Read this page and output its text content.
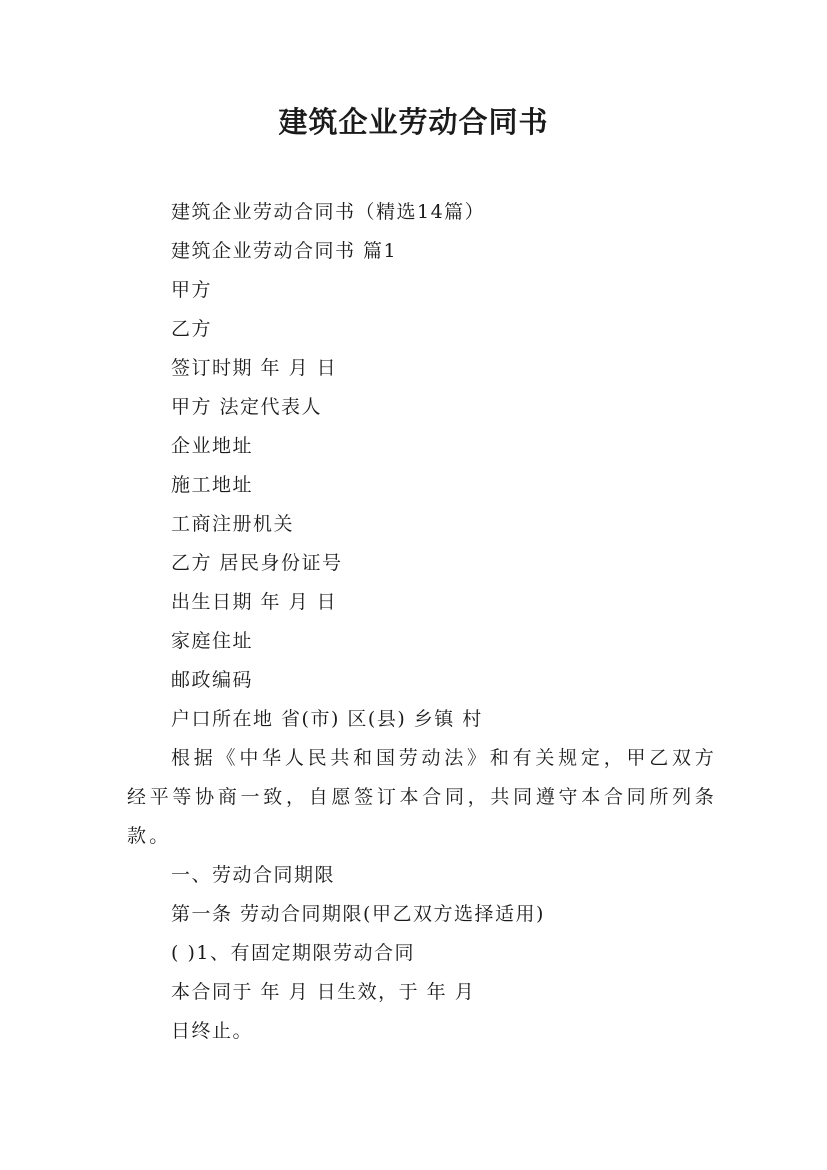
建筑企业劳动合同书

建筑企业劳动合同书（精选14篇）

建筑企业劳动合同书 篇1

甲方

乙方

签订时期 年 月 日

甲方 法定代表人

企业地址

施工地址

工商注册机关

乙方 居民身份证号

出生日期 年 月 日

家庭住址

邮政编码

户口所在地 省(市) 区(县) 乡镇 村

根据《中华人民共和国劳动法》和有关规定，甲乙双方经平等协商一致，自愿签订本合同，共同遵守本合同所列条款。

一、劳动合同期限

第一条 劳动合同期限(甲乙双方选择适用)

( )1、有固定期限劳动合同

本合同于 年 月 日生效，于 年 月

日终止。
